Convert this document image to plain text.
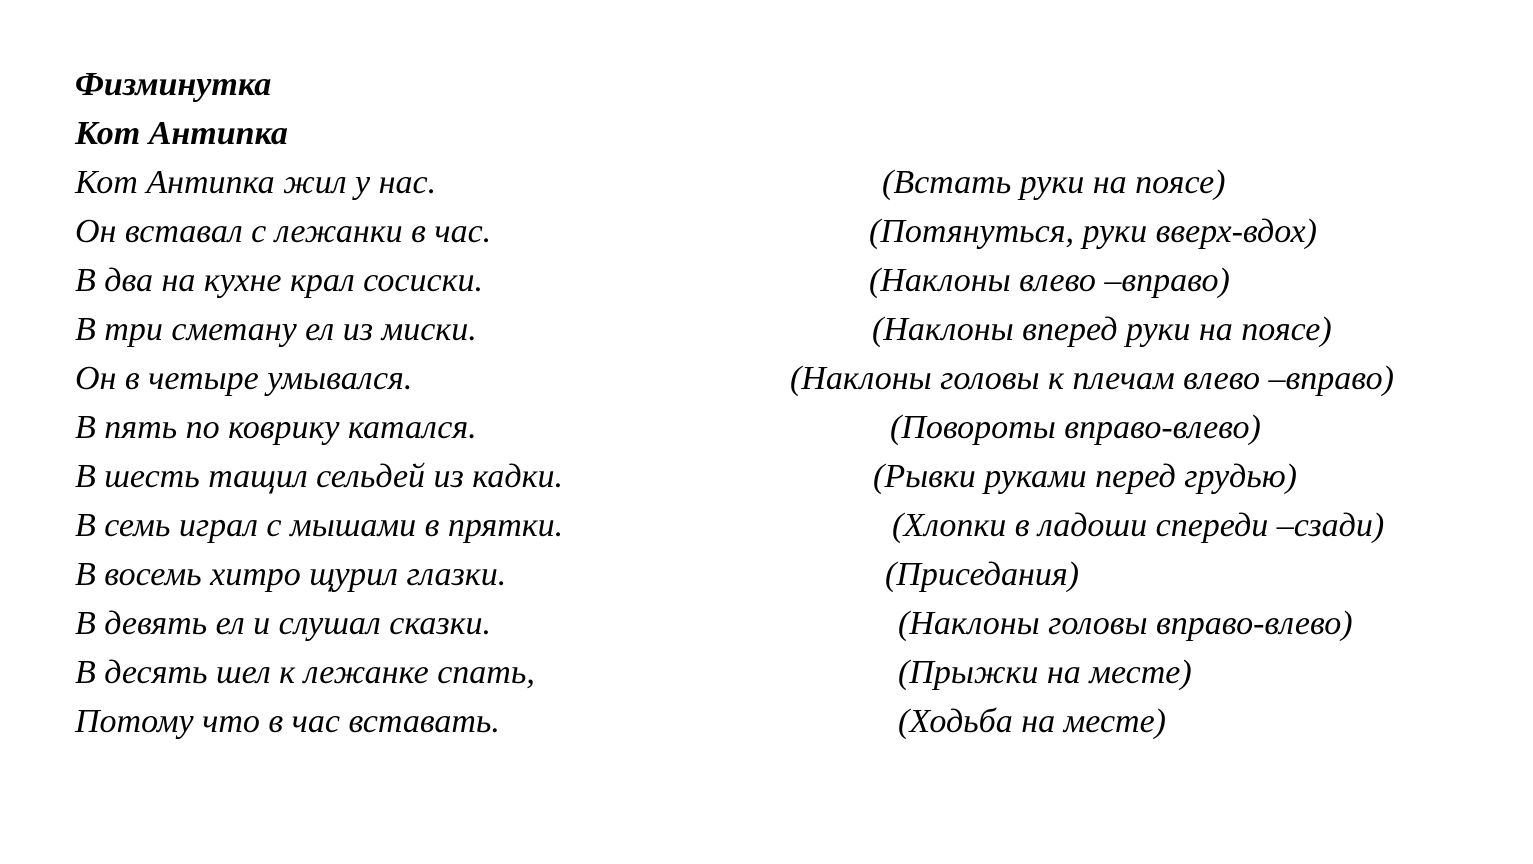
Физминутка
Кот Антипка
Кот Антипка жил у нас.	(Встать руки на поясе)
Он вставал с лежанки в час.	(Потянуться, руки вверх-вдох)
В два на кухне крал сосиски.	(Наклоны влево –вправо)
В три сметану ел из миски.	(Наклоны вперед руки на поясе)
Он в четыре умывался.	(Наклоны головы к плечам влево –вправо)
В пять по коврику катался.	(Повороты вправо-влево)
В шесть тащил сельдей из кадки.	(Рывки руками перед грудью)
В семь играл с мышами в прятки.	(Хлопки в ладоши спереди –сзади)
В восемь хитро щурил глазки.	(Приседания)
В девять ел и слушал сказки.	(Наклоны головы вправо-влево)
В десять шел к лежанке спать,	(Прыжки на месте)
Потому что в час вставать.	(Ходьба на месте)
